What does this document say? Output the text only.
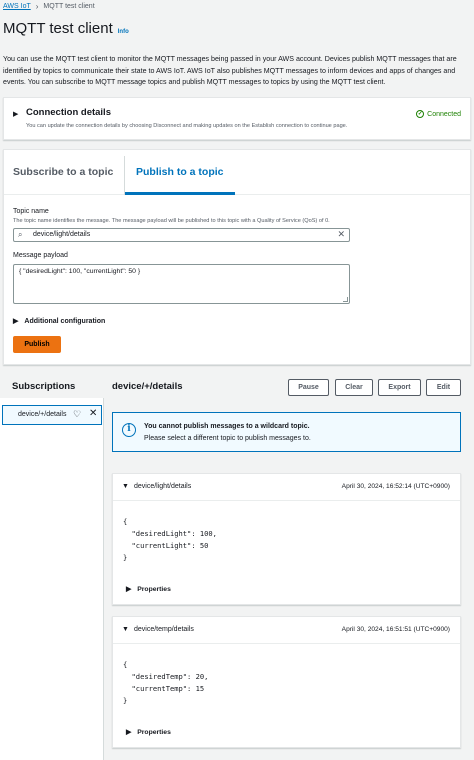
AWS IoT › MQTT test client
MQTT test client Info
You can use the MQTT test client to monitor the MQTT messages being passed in your AWS account. Devices publish MQTT messages that are identified by topics to communicate their state to AWS IoT. AWS IoT also publishes MQTT messages to inform devices and apps of changes and events. You can subscribe to MQTT message topics and publish MQTT messages to topics by using the MQTT test client.
▶ Connection details
You can update the connection details by choosing Disconnect and making updates on the Establish connection to continue page.
✓ Connected
Subscribe to a topic Publish to a topic
Topic name
The topic name identifies the message. The message payload will be published to this topic with a Quality of Service (QoS) of 0.
⌕ device/light/details	✕
Message payload
{ "desiredLight": 100, "currentLight": 50 }
▶ Additional configuration
Publish
Subscriptions
device/+/details ♡ ✕
device/+/details	Pause	Clear	Export	Edit
i	You cannot publish messages to a wildcard topic.
Please select a different topic to publish messages to.
▼ device/light/details	April 30, 2024, 16:52:14 (UTC+0900)
{
"desiredLight": 100,
"currentLight": 50
}
▶ Properties
▼ device/temp/details	April 30, 2024, 16:51:51 (UTC+0900)
{
"desiredTemp": 20,
"currentTemp": 15
}
▶ Properties
